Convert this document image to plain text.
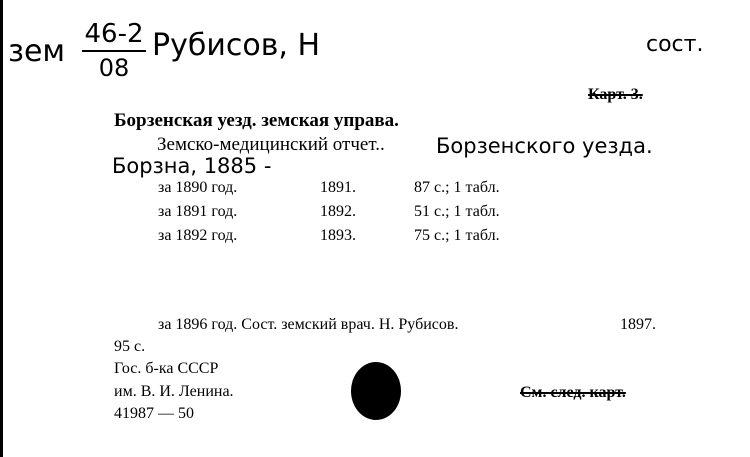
зем $\frac{46-2}{08}$ Рубисов, Н	сост.
Карт. 3.
Борзенская уезд. земская управа.
Земско-медицинский отчет.. Борзенского уезда.
Борзна, 1885 -
за 1890 год.	1891.	87 с.; 1 табл.
за 1891 год.	1892.	51 с.; 1 табл.
за 1892 год.	1893.	75 с.; 1 табл.
за 1896 год. Сост. земский врач. Н. Рубисов.	1897.
95 с.
Гос. б-ка СССР
им. В. И. Ленина.
41987 — 50
См. след. карт.
